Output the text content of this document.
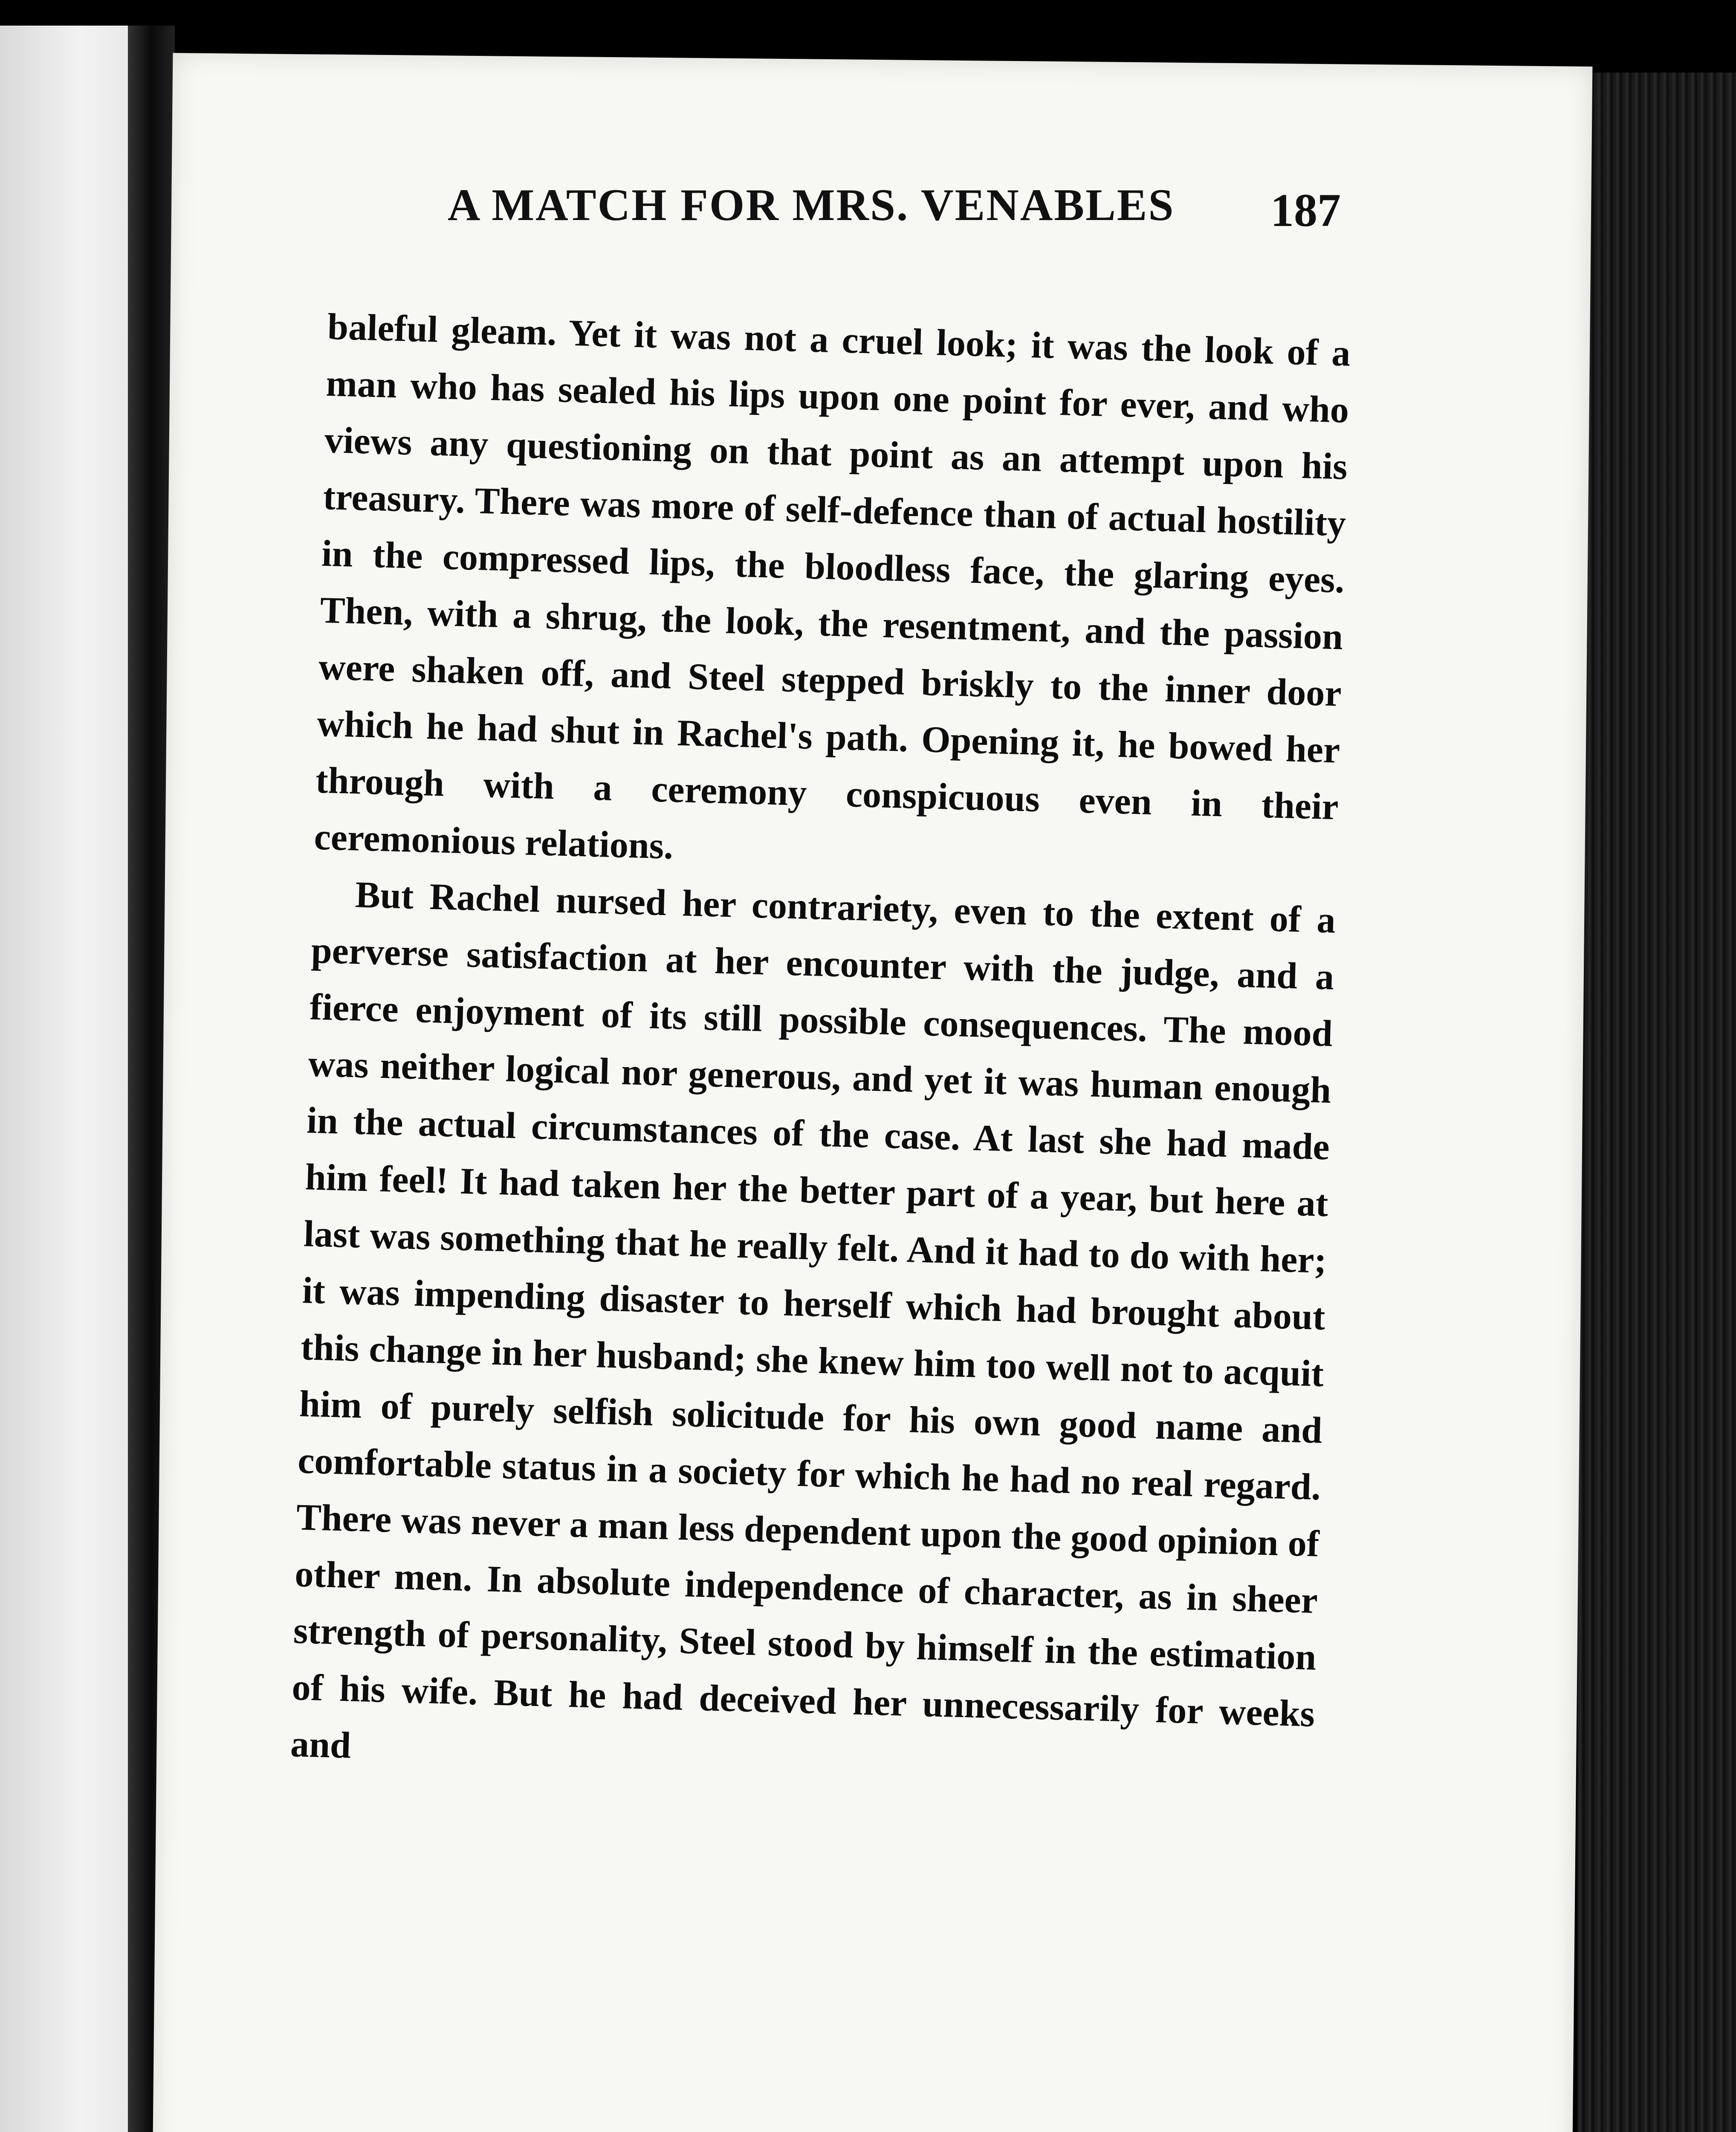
A MATCH FOR MRS. VENABLES	187

baleful gleam. Yet it was not a cruel look; it was the look of a man who has sealed his lips upon one point for ever, and who views any questioning on that point as an attempt upon his treasury. There was more of self-defence than of actual hostility in the compressed lips, the bloodless face, the glaring eyes. Then, with a shrug, the look, the resentment, and the passion were shaken off, and Steel stepped briskly to the inner door which he had shut in Rachel's path. Opening it, he bowed her through with a ceremony conspicuous even in their ceremonious relations.

But Rachel nursed her contrariety, even to the extent of a perverse satisfaction at her encounter with the judge, and a fierce enjoyment of its still possible consequences. The mood was neither logical nor generous, and yet it was human enough in the actual circumstances of the case. At last she had made him feel! It had taken her the better part of a year, but here at last was something that he really felt. And it had to do with her; it was impending disaster to herself which had brought about this change in her husband; she knew him too well not to acquit him of purely selfish solicitude for his own good name and comfortable status in a society for which he had no real regard. There was never a man less dependent upon the good opinion of other men. In absolute independence of character, as in sheer strength of personality, Steel stood by himself in the estimation of his wife. But he had deceived her unnecessarily for weeks and
